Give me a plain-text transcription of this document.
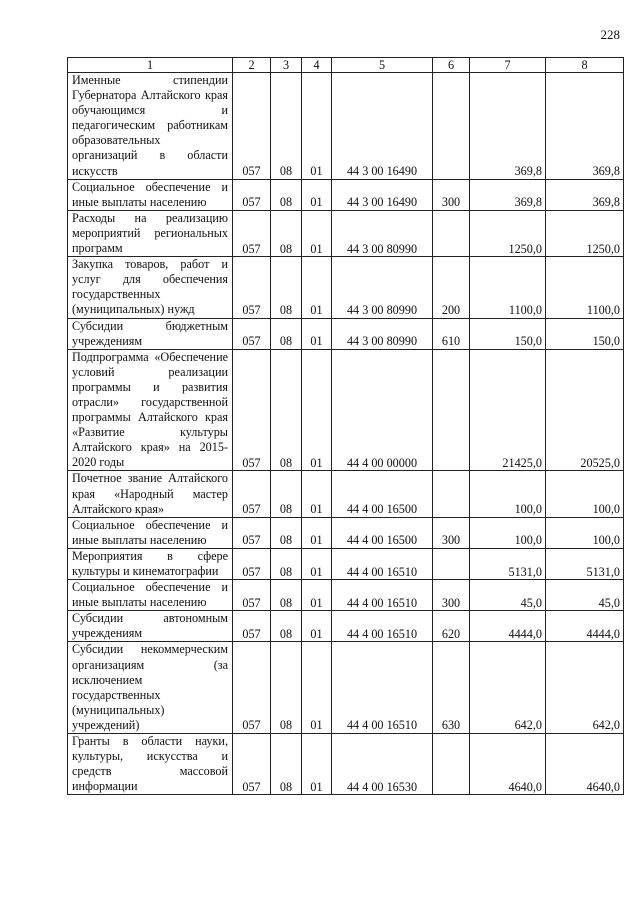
228
1	2	3	4	5	6	7	8
Именные стипендии Губернатора Алтайского края обучающимся и педагогическим работникам образовательных организаций в области искусств	057	08	01	44 3 00 16490		369,8	369,8
Социальное обеспечение и иные выплаты населению	057	08	01	44 3 00 16490	300	369,8	369,8
Расходы на реализацию мероприятий региональных программ	057	08	01	44 3 00 80990		1250,0	1250,0
Закупка товаров, работ и услуг для обеспечения государственных (муниципальных) нужд	057	08	01	44 3 00 80990	200	1100,0	1100,0
Субсидии бюджетным учреждениям	057	08	01	44 3 00 80990	610	150,0	150,0
Подпрограмма «Обеспечение условий реализации программы и развития отрасли» государственной программы Алтайского края «Развитие культуры Алтайского края» на 2015-2020 годы	057	08	01	44 4 00 00000		21425,0	20525,0
Почетное звание Алтайского края «Народный мастер Алтайского края»	057	08	01	44 4 00 16500		100,0	100,0
Социальное обеспечение и иные выплаты населению	057	08	01	44 4 00 16500	300	100,0	100,0
Мероприятия в сфере культуры и кинематографии	057	08	01	44 4 00 16510		5131,0	5131,0
Социальное обеспечение и иные выплаты населению	057	08	01	44 4 00 16510	300	45,0	45,0
Субсидии автономным учреждениям	057	08	01	44 4 00 16510	620	4444,0	4444,0
Субсидии некоммерческим организациям (за исключением государственных (муниципальных) учреждений)	057	08	01	44 4 00 16510	630	642,0	642,0
Гранты в области науки, культуры, искусства и средств массовой информации	057	08	01	44 4 00 16530		4640,0	4640,0
